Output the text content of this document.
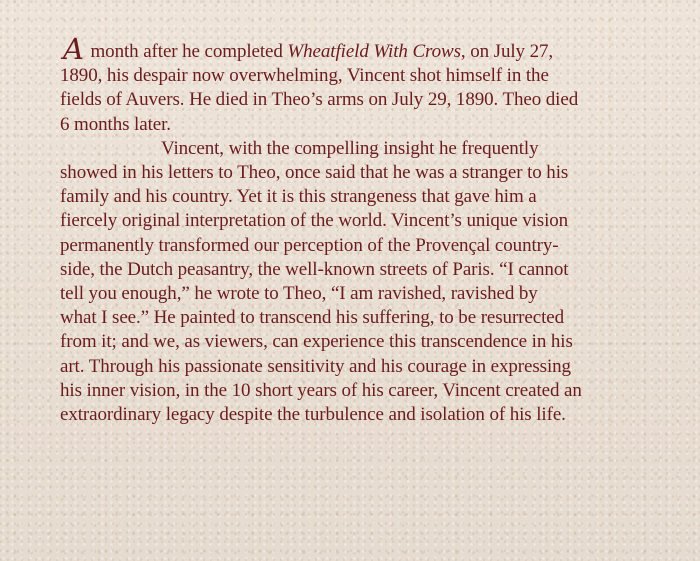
A month after he completed Wheatfield With Crows, on July 27,
1890, his despair now overwhelming, Vincent shot himself in the
fields of Auvers. He died in Theo’s arms on July 29, 1890. Theo died
6 months later.
Vincent, with the compelling insight he frequently
showed in his letters to Theo, once said that he was a stranger to his
family and his country. Yet it is this strangeness that gave him a
fiercely original interpretation of the world. Vincent’s unique vision
permanently transformed our perception of the Provençal country-
side, the Dutch peasantry, the well-known streets of Paris. “I cannot
tell you enough,” he wrote to Theo, “I am ravished, ravished by
what I see.” He painted to transcend his suffering, to be resurrected
from it; and we, as viewers, can experience this transcendence in his
art. Through his passionate sensitivity and his courage in expressing
his inner vision, in the 10 short years of his career, Vincent created an
extraordinary legacy despite the turbulence and isolation of his life.
